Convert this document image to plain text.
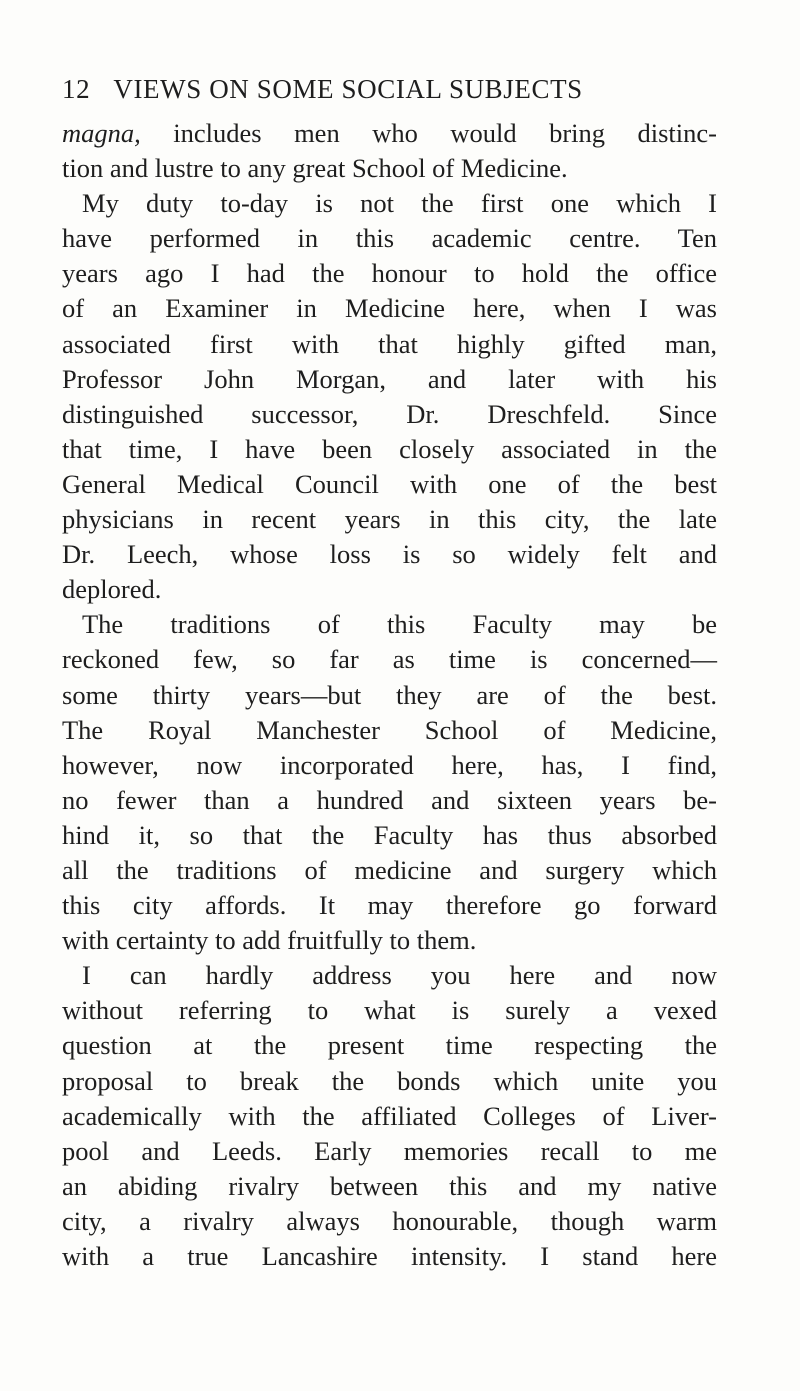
12 VIEWS ON SOME SOCIAL SUBJECTS
magna, includes men who would bring distinc-
tion and lustre to any great School of Medicine.
My duty to-day is not the first one which I
have performed in this academic centre. Ten
years ago I had the honour to hold the office
of an Examiner in Medicine here, when I was
associated first with that highly gifted man,
Professor John Morgan, and later with his
distinguished successor, Dr. Dreschfeld. Since
that time, I have been closely associated in the
General Medical Council with one of the best
physicians in recent years in this city, the late
Dr. Leech, whose loss is so widely felt and
deplored.
The traditions of this Faculty may be
reckoned few, so far as time is concerned—
some thirty years—but they are of the best.
The Royal Manchester School of Medicine,
however, now incorporated here, has, I find,
no fewer than a hundred and sixteen years be-
hind it, so that the Faculty has thus absorbed
all the traditions of medicine and surgery which
this city affords. It may therefore go forward
with certainty to add fruitfully to them.
I can hardly address you here and now
without referring to what is surely a vexed
question at the present time respecting the
proposal to break the bonds which unite you
academically with the affiliated Colleges of Liver-
pool and Leeds. Early memories recall to me
an abiding rivalry between this and my native
city, a rivalry always honourable, though warm
with a true Lancashire intensity. I stand here
